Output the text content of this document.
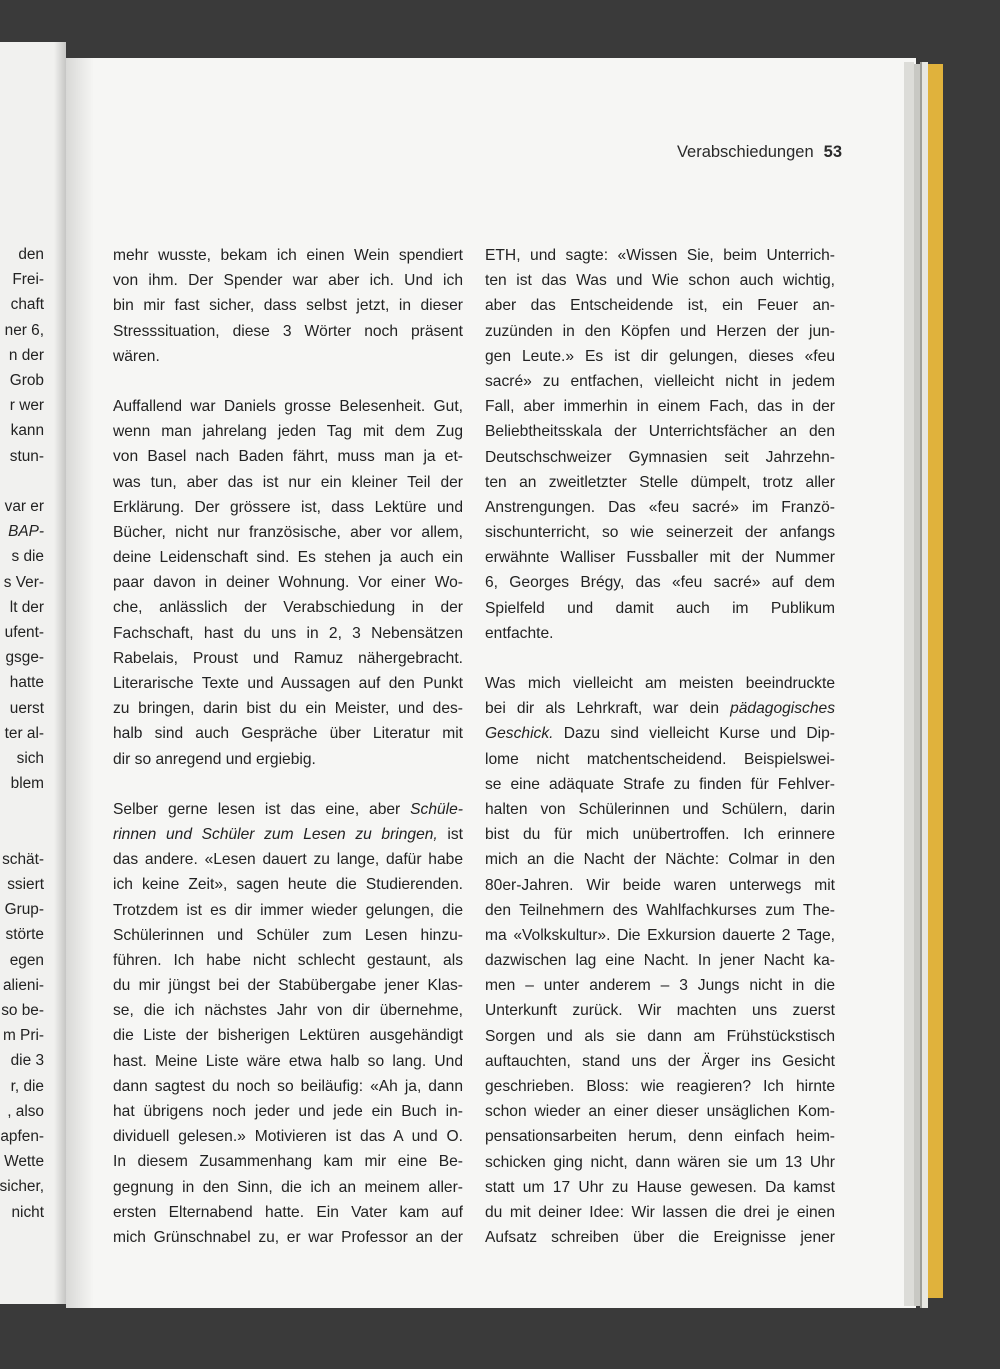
den
Frei-
chaft
ner 6,
n der
Grob
r wer
kann
stun-
var er
BAP-
s die
s Ver-
lt der
ufent-
gsge-
hatte
uerst
ter al-
sich
blem
schät-
ssiert
Grup-
störte
egen
alieni-
so be-
m Pri-
die 3
r, die
, also
apfen-
Wette
sicher,
nicht
Verabschiedungen 53

mehr wusste, bekam ich einen Wein spendiert
von ihm. Der Spender war aber ich. Und ich
bin mir fast sicher, dass selbst jetzt, in dieser
Stresssituation, diese 3 Wörter noch präsent
wären.

Auffallend war Daniels grosse Belesenheit. Gut,
wenn man jahrelang jeden Tag mit dem Zug
von Basel nach Baden fährt, muss man ja et-
was tun, aber das ist nur ein kleiner Teil der
Erklärung. Der grössere ist, dass Lektüre und
Bücher, nicht nur französische, aber vor allem,
deine Leidenschaft sind. Es stehen ja auch ein
paar davon in deiner Wohnung. Vor einer Wo-
che, anlässlich der Verabschiedung in der
Fachschaft, hast du uns in 2, 3 Nebensätzen
Rabelais, Proust und Ramuz nähergebracht.
Literarische Texte und Aussagen auf den Punkt
zu bringen, darin bist du ein Meister, und des-
halb sind auch Gespräche über Literatur mit
dir so anregend und ergiebig.

Selber gerne lesen ist das eine, aber Schüle-
rinnen und Schüler zum Lesen zu bringen, ist
das andere. «Lesen dauert zu lange, dafür habe
ich keine Zeit», sagen heute die Studierenden.
Trotzdem ist es dir immer wieder gelungen, die
Schülerinnen und Schüler zum Lesen hinzu-
führen. Ich habe nicht schlecht gestaunt, als
du mir jüngst bei der Stabübergabe jener Klas-
se, die ich nächstes Jahr von dir übernehme,
die Liste der bisherigen Lektüren ausgehändigt
hast. Meine Liste wäre etwa halb so lang. Und
dann sagtest du noch so beiläufig: «Ah ja, dann
hat übrigens noch jeder und jede ein Buch in-
dividuell gelesen.» Motivieren ist das A und O.
In diesem Zusammenhang kam mir eine Be-
gegnung in den Sinn, die ich an meinem aller-
ersten Elternabend hatte. Ein Vater kam auf
mich Grünschnabel zu, er war Professor an der

ETH, und sagte: «Wissen Sie, beim Unterrich-
ten ist das Was und Wie schon auch wichtig,
aber das Entscheidende ist, ein Feuer an-
zuzünden in den Köpfen und Herzen der jun-
gen Leute.» Es ist dir gelungen, dieses «feu
sacré» zu entfachen, vielleicht nicht in jedem
Fall, aber immerhin in einem Fach, das in der
Beliebtheitsskala der Unterrichtsfächer an den
Deutschschweizer Gymnasien seit Jahrzehn-
ten an zweitletzter Stelle dümpelt, trotz aller
Anstrengungen. Das «feu sacré» im Franzö-
sischunterricht, so wie seinerzeit der anfangs
erwähnte Walliser Fussballer mit der Nummer
6, Georges Brégy, das «feu sacré» auf dem
Spielfeld und damit auch im Publikum
entfachte.

Was mich vielleicht am meisten beeindruckte
bei dir als Lehrkraft, war dein pädagogisches
Geschick. Dazu sind vielleicht Kurse und Dip-
lome nicht matchentscheidend. Beispielswei-
se eine adäquate Strafe zu finden für Fehlver-
halten von Schülerinnen und Schülern, darin
bist du für mich unübertroffen. Ich erinnere
mich an die Nacht der Nächte: Colmar in den
80er-Jahren. Wir beide waren unterwegs mit
den Teilnehmern des Wahlfachkurses zum The-
ma «Volkskultur». Die Exkursion dauerte 2 Tage,
dazwischen lag eine Nacht. In jener Nacht ka-
men – unter anderem – 3 Jungs nicht in die
Unterkunft zurück. Wir machten uns zuerst
Sorgen und als sie dann am Frühstückstisch
auftauchten, stand uns der Ärger ins Gesicht
geschrieben. Bloss: wie reagieren? Ich hirnte
schon wieder an einer dieser unsäglichen Kom-
pensationsarbeiten herum, denn einfach heim-
schicken ging nicht, dann wären sie um 13 Uhr
statt um 17 Uhr zu Hause gewesen. Da kamst
du mit deiner Idee: Wir lassen die drei je einen
Aufsatz schreiben über die Ereignisse jener
